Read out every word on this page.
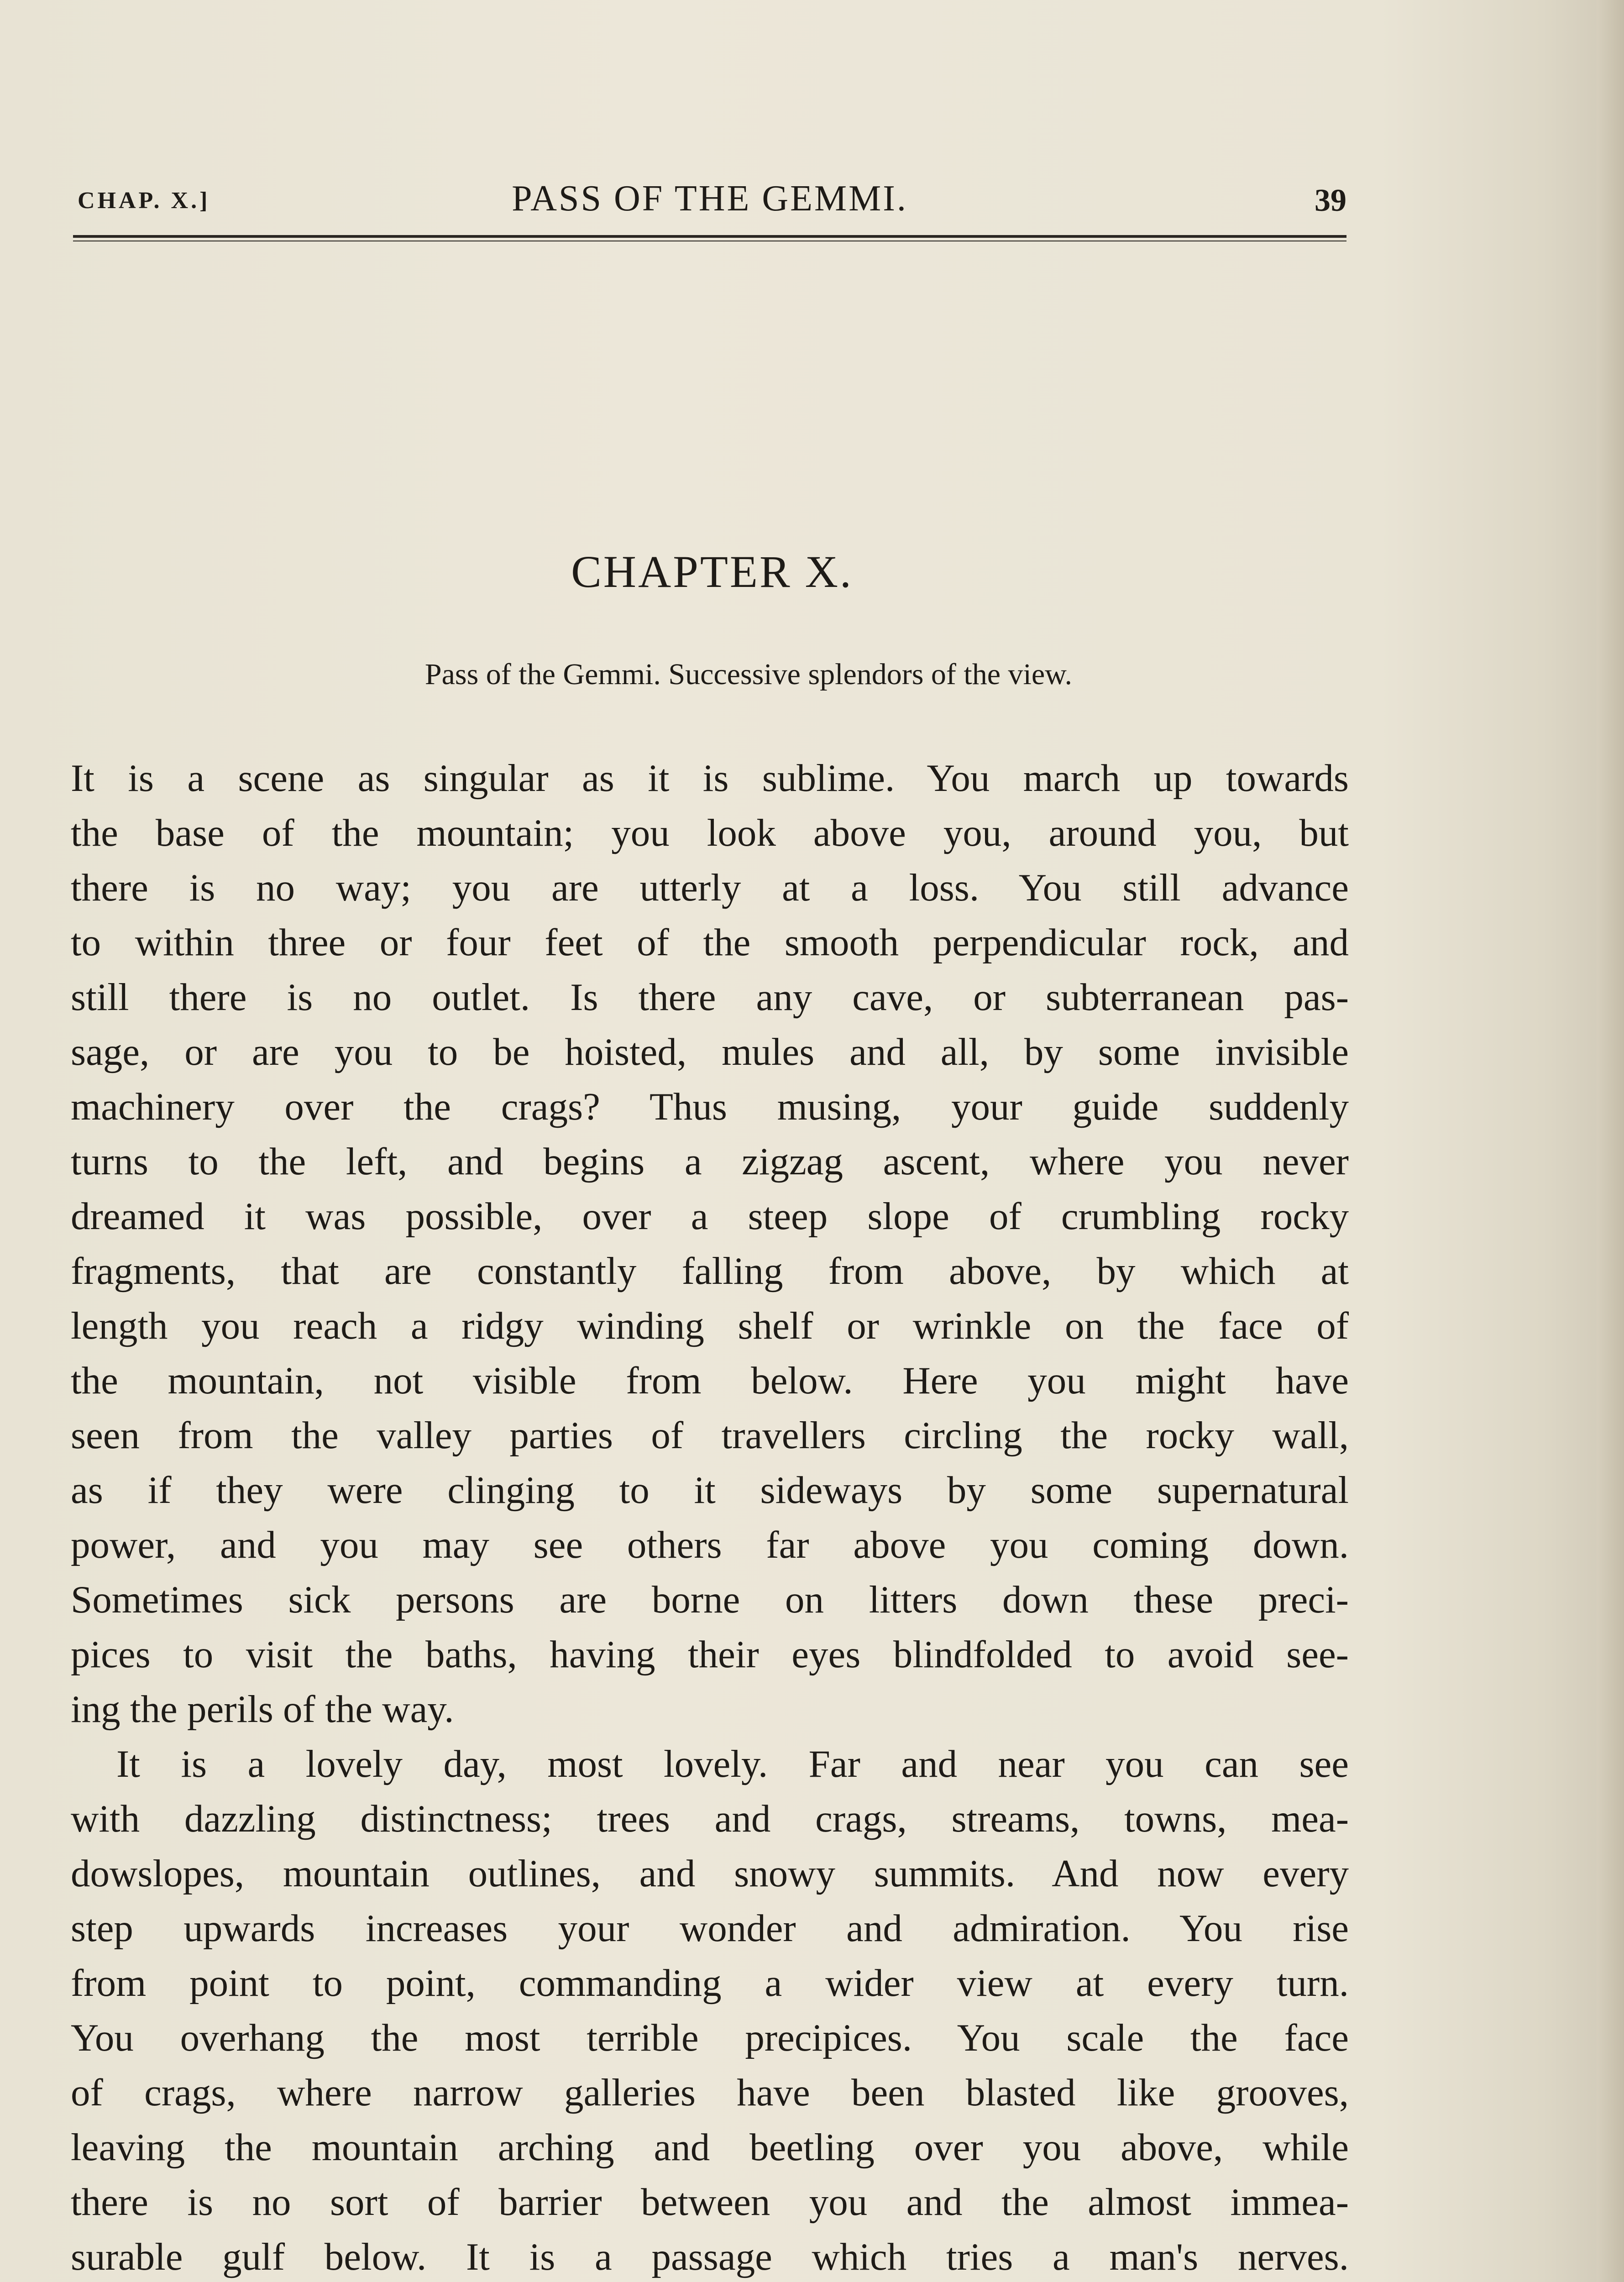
CHAP. X.]	PASS OF THE GEMMI.	39
CHAPTER X.
Pass of the Gemmi. Successive splendors of the view.
It is a scene as singular as it is sublime. You march up towards
the base of the mountain; you look above you, around you, but
there is no way; you are utterly at a loss. You still advance
to within three or four feet of the smooth perpendicular rock, and
still there is no outlet. Is there any cave, or subterranean pas-
sage, or are you to be hoisted, mules and all, by some invisible
machinery over the crags? Thus musing, your guide suddenly
turns to the left, and begins a zigzag ascent, where you never
dreamed it was possible, over a steep slope of crumbling rocky
fragments, that are constantly falling from above, by which at
length you reach a ridgy winding shelf or wrinkle on the face of
the mountain, not visible from below. Here you might have
seen from the valley parties of travellers circling the rocky wall,
as if they were clinging to it sideways by some supernatural
power, and you may see others far above you coming down.
Sometimes sick persons are borne on litters down these preci-
pices to visit the baths, having their eyes blindfolded to avoid see-
ing the perils of the way.
It is a lovely day, most lovely. Far and near you can see
with dazzling distinctness; trees and crags, streams, towns, mea-
dowslopes, mountain outlines, and snowy summits. And now every
step upwards increases your wonder and admiration. You rise
from point to point, commanding a wider view at every turn.
You overhang the most terrible precipices. You scale the face
of crags, where narrow galleries have been blasted like grooves,
leaving the mountain arching and beetling over you above, while
there is no sort of barrier between you and the almost immea-
surable gulf below. It is a passage which tries a man's nerves.
